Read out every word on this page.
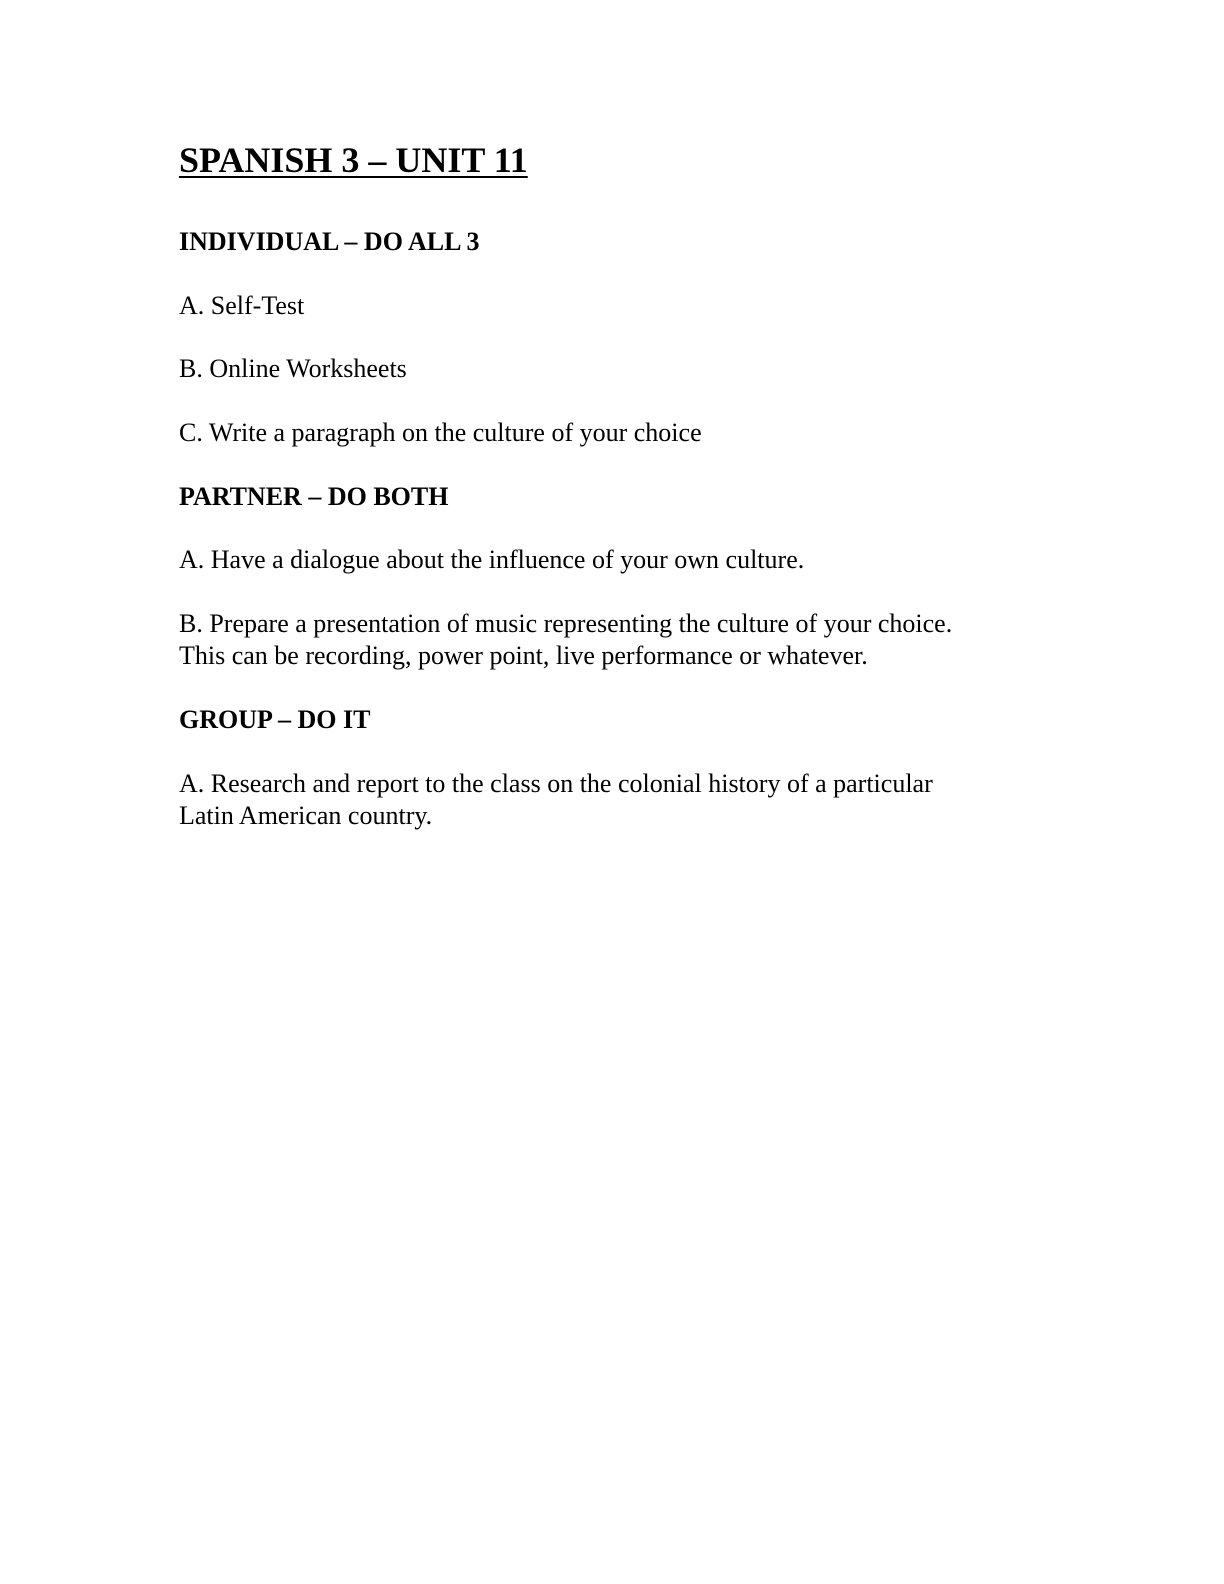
SPANISH 3 – UNIT 11
INDIVIDUAL – DO ALL 3

A. Self-Test

B. Online Worksheets

C. Write a paragraph on the culture of your choice

PARTNER – DO BOTH

A. Have a dialogue about the influence of your own culture.

B. Prepare a presentation of music representing the culture of your choice.
This can be recording, power point, live performance or whatever.

GROUP – DO IT

A. Research and report to the class on the colonial history of a particular
Latin American country.
